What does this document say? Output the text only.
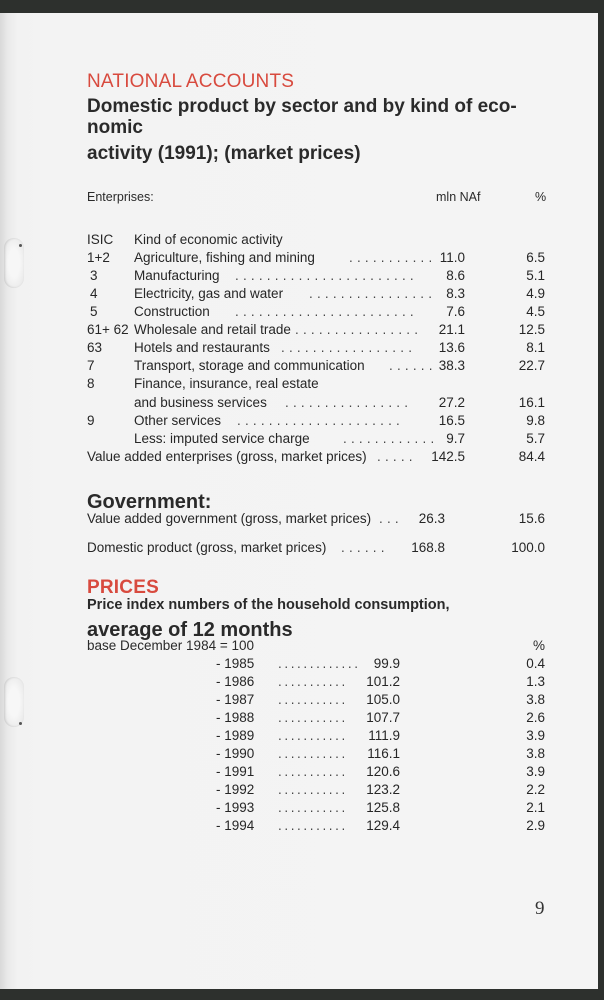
NATIONAL ACCOUNTS
Domestic product by sector and by kind of eco-
nomic
activity (1991); (market prices)
Enterprises:	mln NAf	%
ISIC Kind of economic activity
1+2 Agriculture, fishing and mining	........... 11.0	6.5
3	Manufacturing .......................	8.6	5.1
4	Electricity, gas and water ................ 8.3	4.9
5	Construction .......................	7.6	4.5
61+ 62 Wholesale and retail trade ................	21.1	12.5
63 Hotels and restaurants .................	13.6	8.1
7	Transport, storage and communication ...... 38.3	22.7
8	Finance, insurance, real estate
and business services ................	27.2	16.1
9	Other services .....................	16.5	9.8
Less: imputed service charge ............ 9.7	5.7
Value added enterprises (gross, market prices) .....	142.5	84.4
Government:
Value added government (gross, market prices) ...	26.3	15.6
Domestic product (gross, market prices) ......	168.8	100.0
PRICES
Price index numbers of the household consumption,
average of 12 months
base December 1984 = 100	%
- 1985 ............. 99.9	0.4
- 1986 ...........	101.2	1.3
- 1987 ...........	105.0	3.8
- 1988 ...........	107.7	2.6
- 1989 ...........	111.9	3.9
- 1990 ...........	116.1	3.8
- 1991 ...........	120.6	3.9
- 1992 ...........	123.2	2.2
- 1993 ...........	125.8	2.1
- 1994 ...........	129.4	2.9
9
